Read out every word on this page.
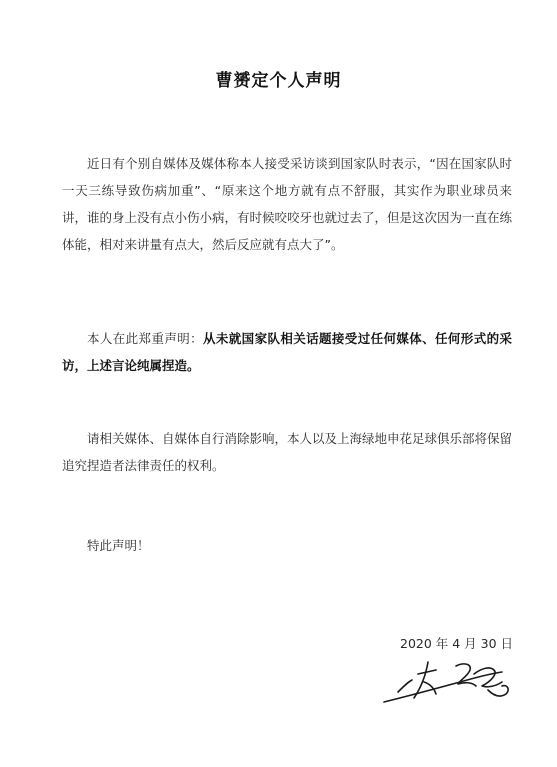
曹赟定个人声明

近日有个别自媒体及媒体称本人接受采访谈到国家队时表示，“因在国家队时一天三练导致伤病加重”、“原来这个地方就有点不舒服，其实作为职业球员来讲，谁的身上没有点小伤小病，有时候咬咬牙也就过去了，但是这次因为一直在练体能，相对来讲量有点大，然后反应就有点大了”。

本人在此郑重声明：从未就国家队相关话题接受过任何媒体、任何形式的采访，上述言论纯属捏造。

请相关媒体、自媒体自行消除影响，本人以及上海绿地申花足球俱乐部将保留追究捏造者法律责任的权利。

特此声明！

2020 年 4 月 30 日
